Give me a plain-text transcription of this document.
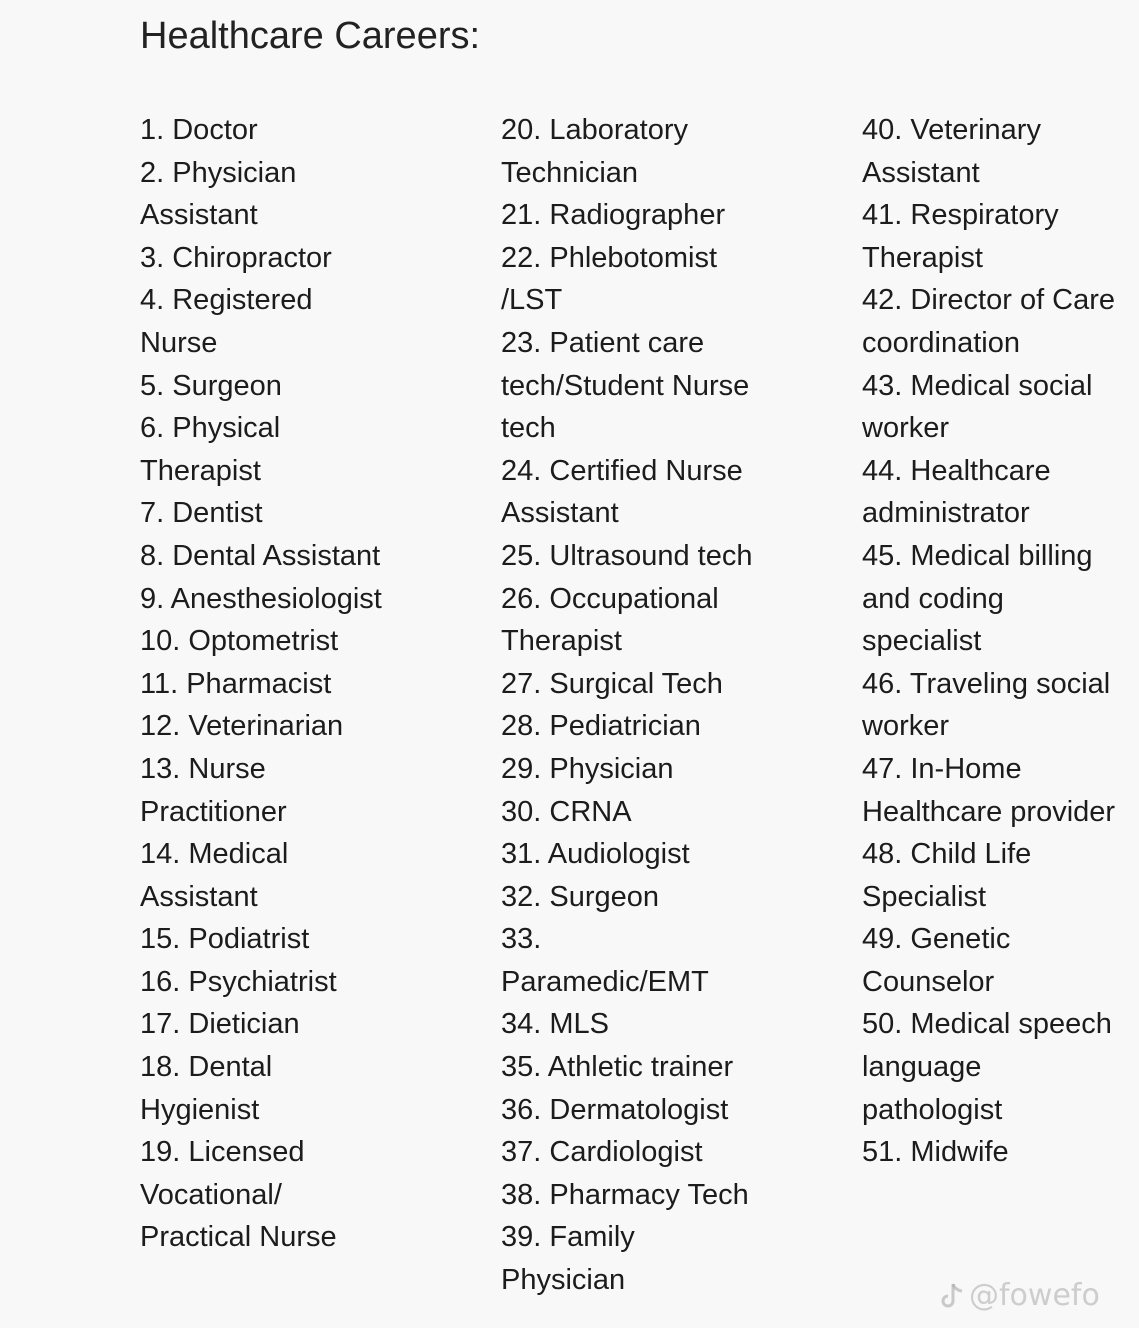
Healthcare Careers:
1. Doctor
2. Physician
Assistant
3. Chiropractor
4. Registered
Nurse
5. Surgeon
6. Physical
Therapist
7. Dentist
8. Dental Assistant
9. Anesthesiologist
10. Optometrist
11. Pharmacist
12. Veterinarian
13. Nurse
Practitioner
14. Medical
Assistant
15. Podiatrist
16. Psychiatrist
17. Dietician
18. Dental
Hygienist
19. Licensed
Vocational/
Practical Nurse
20. Laboratory
Technician
21. Radiographer
22. Phlebotomist
/LST
23. Patient care
tech/Student Nurse
tech
24. Certified Nurse
Assistant
25. Ultrasound tech
26. Occupational
Therapist
27. Surgical Tech
28. Pediatrician
29. Physician
30. CRNA
31. Audiologist
32. Surgeon
33.
Paramedic/EMT
34. MLS
35. Athletic trainer
36. Dermatologist
37. Cardiologist
38. Pharmacy Tech
39. Family
Physician
40. Veterinary
Assistant
41. Respiratory
Therapist
42. Director of Care
coordination
43. Medical social
worker
44. Healthcare
administrator
45. Medical billing
and coding
specialist
46. Traveling social
worker
47. In-Home
Healthcare provider
48. Child Life
Specialist
49. Genetic
Counselor
50. Medical speech
language
pathologist
51. Midwife
@fowefo
